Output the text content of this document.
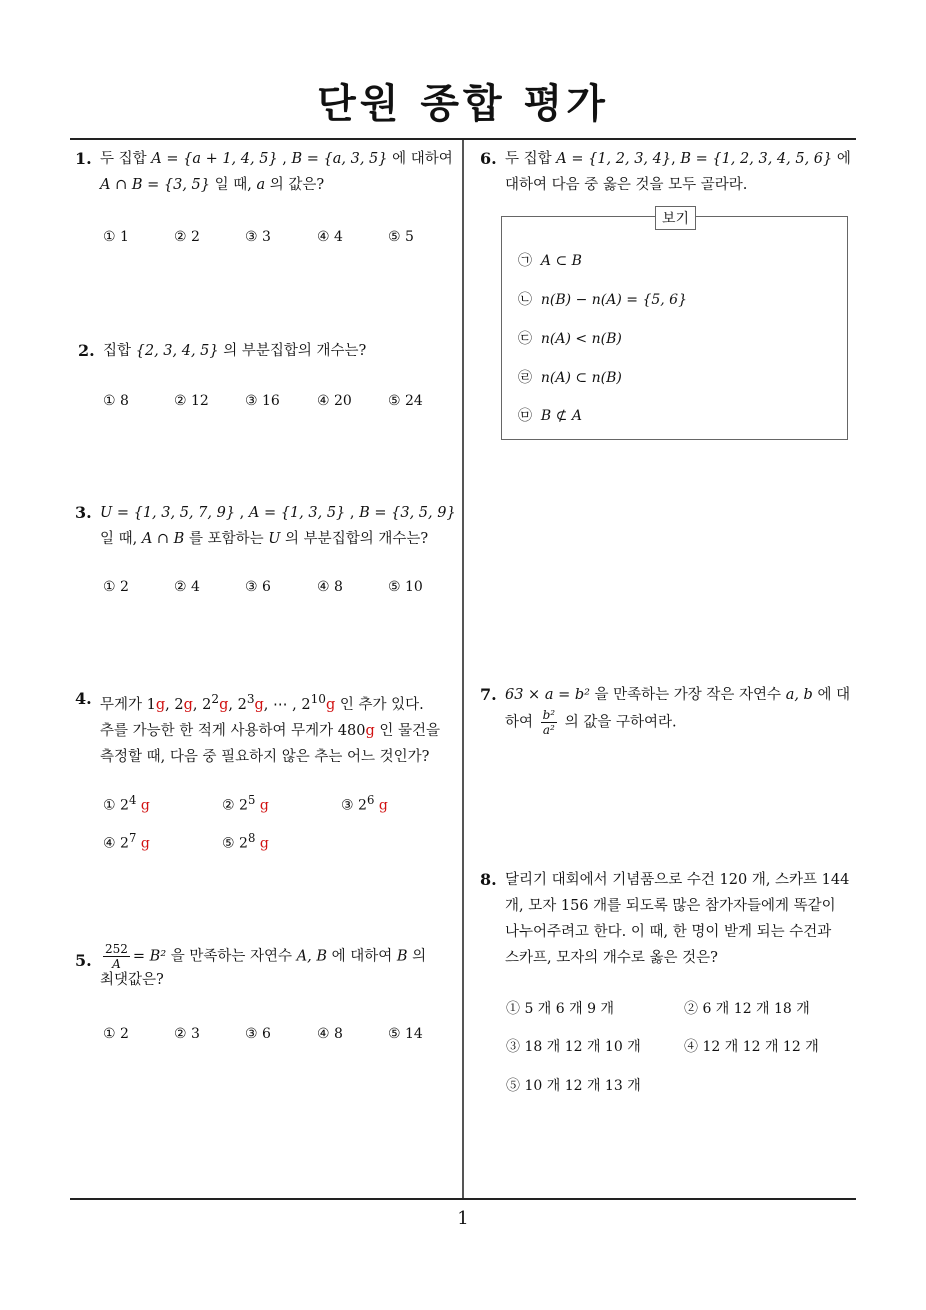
단원 종합 평가
1. 두 집합 A = {a + 1, 4, 5} , B = {a, 3, 5} 에 대하여

A ∩ B = {3, 5} 일 때, a 의 값은?

① 1	② 2	③ 3	④ 4	⑤ 5
2. 집합 {2, 3, 4, 5} 의 부분집합의 개수는?

① 8	② 12	③ 16	④ 20	⑤ 24
3. U = {1, 3, 5, 7, 9} , A = {1, 3, 5} , B = {3, 5, 9}

일 때, A ∩ B 를 포함하는 U 의 부분집합의 개수는?

① 2	② 4	③ 6	④ 8	⑤ 10
4. 무게가 1g, 2g, $2^2g$, $2^3g$, ⋯ , $2^{10}g$ 인 추가 있다.

추를 가능한 한 적게 사용하여 무게가 480g 인 물건을

측정할 때, 다음 중 필요하지 않은 추는 어느 것인가?

① $2^4$ g	② $2^5$ g	③ $2^6$ g
④ $2^7$ g	⑤ $2^8$ g
5. $\frac{252}{A} = B^2$ 을 만족하는 자연수 A, B 에 대하여 B 의

최댓값은?

① 2	② 3	③ 6	④ 8	⑤ 14
6. 두 집합 A = {1, 2, 3, 4}, B = {1, 2, 3, 4, 5, 6} 에

대하여 다음 중 옳은 것을 모두 골라라.

보기
㉠ A ⊂ B
㉡ n(B) − n(A) = {5, 6}
㉢ n(A) < n(B)
㉣ n(A) ⊂ n(B)
㉤ B ⊄ A
7. 63 × a = b² 을 만족하는 가장 작은 자연수 a, b 에 대

하여 $\frac{\text{b²}}{\text{a²}}$ 의 값을 구하여라.

8. 달리기 대회에서 기념품으로 수건 120 개, 스카프 144

개, 모자 156 개를 되도록 많은 참가자들에게 똑같이

나누어주려고 한다. 이 때, 한 명이 받게 되는 수건과

스카프, 모자의 개수로 옳은 것은?

① 5 개 6 개 9 개	② 6 개 12 개 18 개
③ 18 개 12 개 10 개	④ 12 개 12 개 12 개
⑤ 10 개 12 개 13 개
1
